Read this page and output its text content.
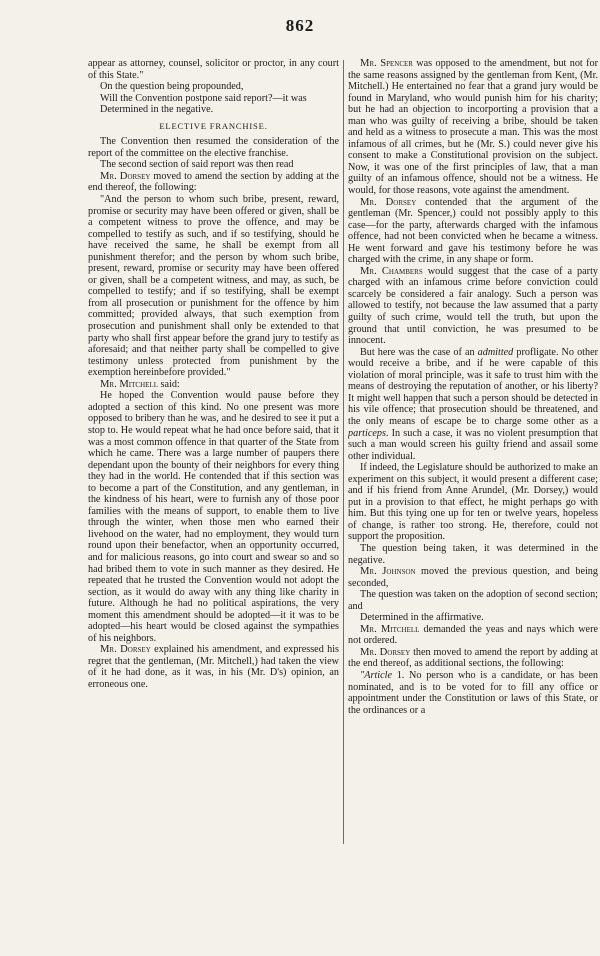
862

appear as attorney, counsel, solicitor or proctor, in any court of this State."

On the question being propounded,

Will the Convention postpone said report?—it was

Determined in the negative.

ELECTIVE FRANCHISE.

The Convention then resumed the consideration of the report of the committee on the elective franchise.

The second section of said report was then read

Mr. Dorsey moved to amend the section by adding at the end thereof, the following:

"And the person to whom such bribe, present, reward, promise or security may have been offered or given, shall be a competent witness to prove the offence, and may be compelled to testify as such, and if so testifying, should he have received the same, he shall be exempt from all punishment therefor; and the person by whom such bribe, present, reward, promise or security may have been offered or given, shall be a competent witness, and may, as such, be compelled to testify; and if so testifying, shall be exempt from all prosecution or punishment for the offence by him committed; provided always, that such exemption from prosecution and punishment shall only be extended to that party who shall first appear before the grand jury to testify as aforesaid; and that neither party shall be compelled to give testimony unless protected from punishment by the exemption hereinbefore provided."

Mr. Mitchell said:

He hoped the Convention would pause before they adopted a section of this kind. No one present was more opposed to bribery than he was, and he desired to see it put a stop to. He would repeat what he had once before said, that it was a most common offence in that quarter of the State from which he came. There was a large number of paupers there dependant upon the bounty of their neighbors for every thing they had in the world. He contended that if this section was to become a part of the Constitution, and any gentleman, in the kindness of his heart, were to furnish any of those poor families with the means of support, to enable them to live through the winter, when those men who earned their livehood on the water, had no employment, they would turn round upon their benefactor, when an opportunity occurred, and for malicious reasons, go into court and swear so and so had bribed them to vote in such manner as they desired. He repeated that he trusted the Convention would not adopt the section, as it would do away with any thing like charity in future. Although he had no political aspirations, the very moment this amendment should be adopted—it it was to be adopted—his heart would be closed against the sympathies of his neighbors.

Mr. Dorsey explained his amendment, and expressed his regret that the gentleman, (Mr. Mitchell,) had taken the view of it he had done, as it was, in his (Mr. D's) opinion, an erroneous one.

Mr. Spencer was opposed to the amendment, but not for the same reasons assigned by the gentleman from Kent, (Mr. Mitchell.) He entertained no fear that a grand jury would be found in Maryland, who would punish him for his charity; but he had an objection to incorporting a provision that a man who was guilty of receiving a bribe, should be taken and held as a witness to prosecute a man. This was the most infamous of all crimes, but he (Mr. S.) could never give his consent to make a Constitutional provision on the subject. Now, it was one of the first principles of law, that a man guilty of an infamous offence, should not be a witness. He would, for those reasons, vote against the amendment.

Mr. Dorsey contended that the argument of the gentleman (Mr. Spencer,) could not possibly apply to this case—for the party, afterwards charged with the infamous offence, had not been convicted when he became a witness. He went forward and gave his testimony before he was charged with the crime, in any shape or form.

Mr. Chambers would suggest that the case of a party charged with an infamous crime before conviction could scarcely be considered a fair analogy. Such a person was allowed to testify, not because the law assumed that a party guilty of such crime, would tell the truth, but upon the ground that until conviction, he was presumed to be innocent.

But here was the case of an admitted profligate. No other would receive a bribe, and if he were capable of this violation of moral principle, was it safe to trust him with the means of destroying the reputation of another, or his liberty? It might well happen that such a person should be detected in his vile offence; that prosecution should be threatened, and the only means of escape be to charge some other as a particeps. In such a case, it was no violent presumption that such a man would screen his guilty friend and assail some other individual.

If indeed, the Legislature should be authorized to make an experiment on this subject, it would present a different case; and if his friend from Anne Arundel, (Mr. Dorsey,) would put in a provision to that effect, he might perhaps go with him. But this tying one up for ten or twelve years, hopeless of change, is rather too strong. He, therefore, could not support the proposition.

The question being taken, it was determined in the negative.

Mr. Johnson moved the previous question, and being seconded,

The question was taken on the adoption of second section; and

Determined in the affirmative.

Mr. Mitchell demanded the yeas and nays which were not ordered.

Mr. Dorsey then moved to amend the report by adding at the end thereof, as additional sections, the following:

"Article 1. No person who is a candidate, or has been nominated, and is to be voted for to fill any office or appointment under the Constitution or laws of this State, or the ordinances or a
